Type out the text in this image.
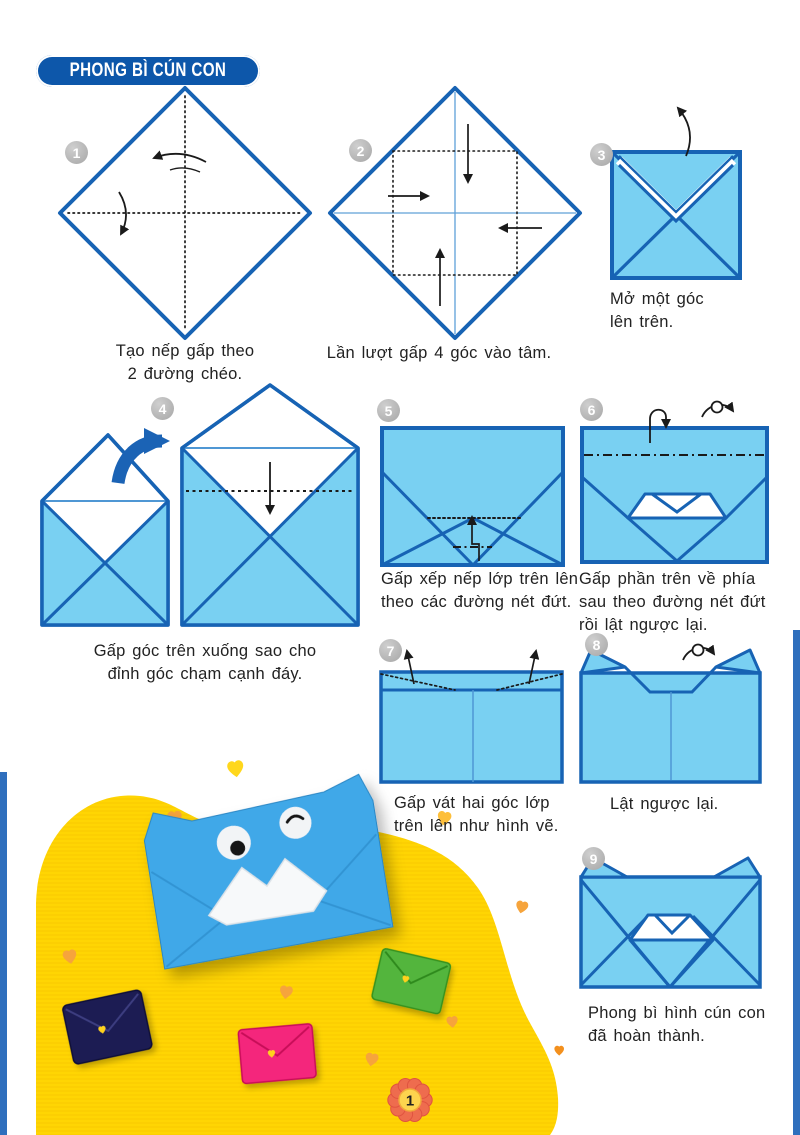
PHONG BÌ CÚN CON
1	2	3
4	5	6
7	8
9
Tạo nếp gấp theo
2 đường chéo.
Lần lượt gấp 4 góc vào tâm.
Mở một góc
lên trên.
Gấp góc trên xuống sao cho
đỉnh góc chạm cạnh đáy.
Gấp xếp nếp lớp trên lên
theo các đường nét đứt.
Gấp phần trên về phía
sau theo đường nét đứt
rồi lật ngược lại.
Gấp vát hai góc lớp
trên lên như hình vẽ.
Lật ngược lại.
Phong bì hình cún con
đã hoàn thành.
1
